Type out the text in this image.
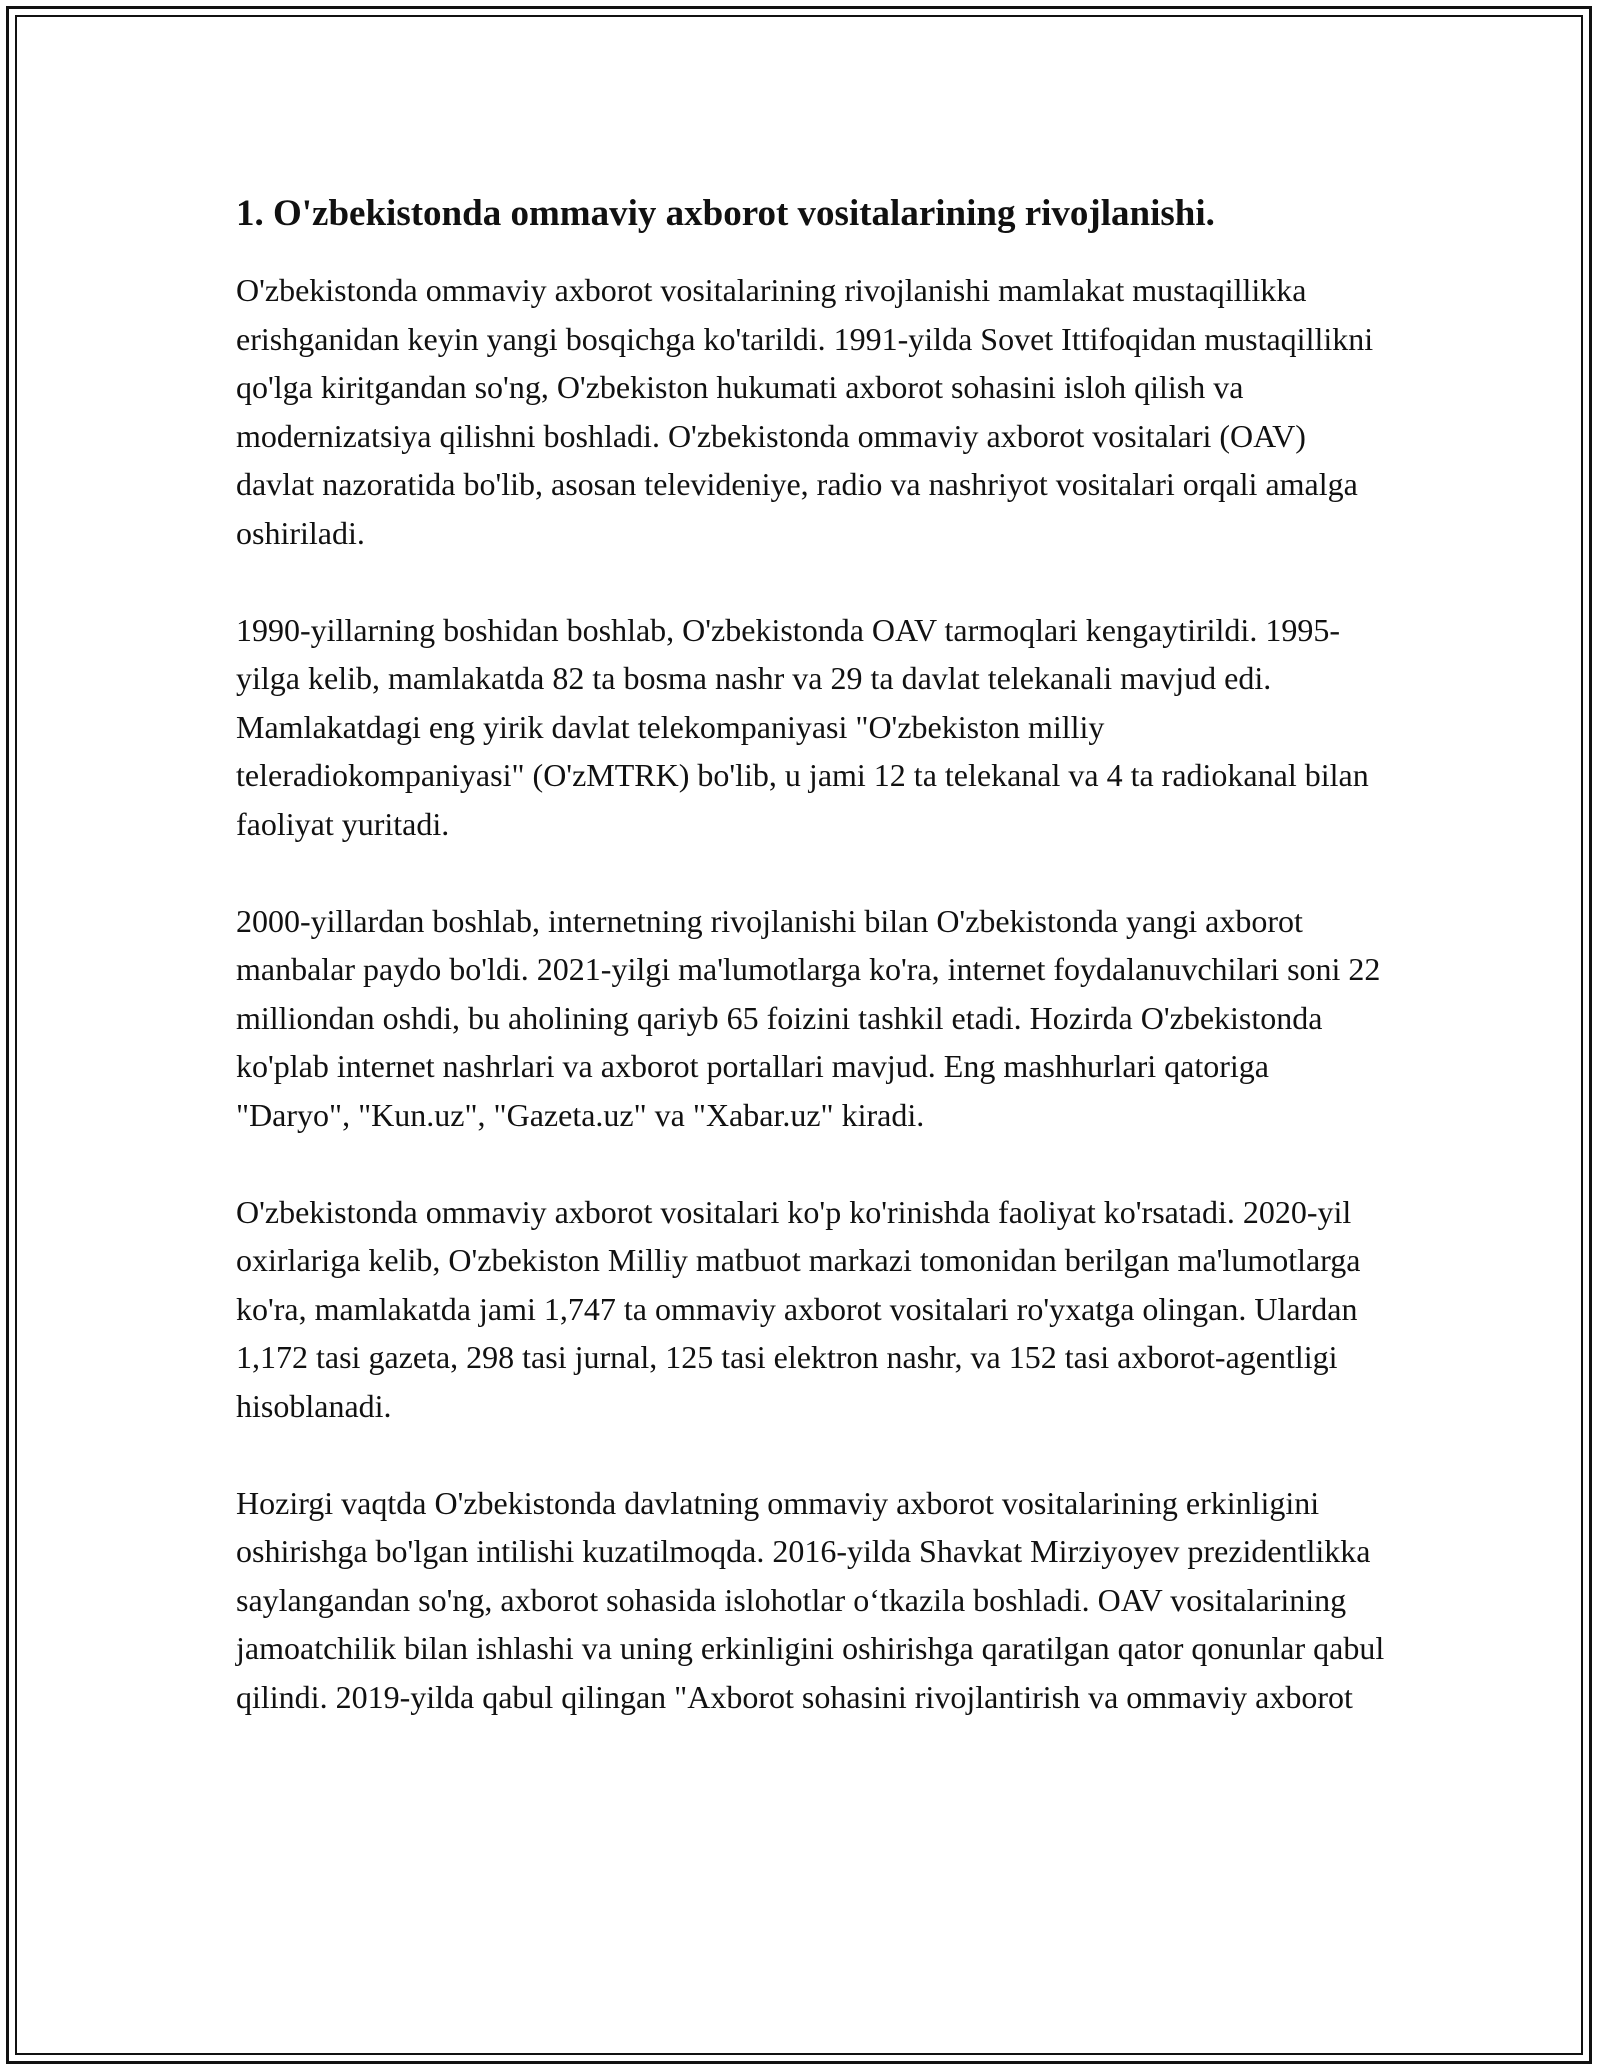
1. O'zbekistonda ommaviy axborot vositalarining rivojlanishi.

O'zbekistonda ommaviy axborot vositalarining rivojlanishi mamlakat mustaqillikka erishganidan keyin yangi bosqichga ko'tarildi. 1991-yilda Sovet Ittifoqidan mustaqillikni qo'lga kiritgandan so'ng, O'zbekiston hukumati axborot sohasini isloh qilish va modernizatsiya qilishni boshladi. O'zbekistonda ommaviy axborot vositalari (OAV) davlat nazoratida bo'lib, asosan televideniye, radio va nashriyot vositalari orqali amalga oshiriladi.

1990-yillarning boshidan boshlab, O'zbekistonda OAV tarmoqlari kengaytirildi. 1995-yilga kelib, mamlakatda 82 ta bosma nashr va 29 ta davlat telekanali mavjud edi. Mamlakatdagi eng yirik davlat telekompaniyasi "O'zbekiston milliy teleradiokompaniyasi" (O'zMTRK) bo'lib, u jami 12 ta telekanal va 4 ta radiokanal bilan faoliyat yuritadi.

2000-yillardan boshlab, internetning rivojlanishi bilan O'zbekistonda yangi axborot manbalar paydo bo'ldi. 2021-yilgi ma'lumotlarga ko'ra, internet foydalanuvchilari soni 22 milliondan oshdi, bu aholining qariyb 65 foizini tashkil etadi. Hozirda O'zbekistonda ko'plab internet nashrlari va axborot portallari mavjud. Eng mashhurlari qatoriga "Daryo", "Kun.uz", "Gazeta.uz" va "Xabar.uz" kiradi.

O'zbekistonda ommaviy axborot vositalari ko'p ko'rinishda faoliyat ko'rsatadi. 2020-yil oxirlariga kelib, O'zbekiston Milliy matbuot markazi tomonidan berilgan ma'lumotlarga ko'ra, mamlakatda jami 1,747 ta ommaviy axborot vositalari ro'yxatga olingan. Ulardan 1,172 tasi gazeta, 298 tasi jurnal, 125 tasi elektron nashr, va 152 tasi axborot-agentligi hisoblanadi.

Hozirgi vaqtda O'zbekistonda davlatning ommaviy axborot vositalarining erkinligini oshirishga bo'lgan intilishi kuzatilmoqda. 2016-yilda Shavkat Mirziyoyev prezidentlikka saylangandan so'ng, axborot sohasida islohotlar o‘tkazila boshladi. OAV vositalarining jamoatchilik bilan ishlashi va uning erkinligini oshirishga qaratilgan qator qonunlar qabul qilindi. 2019-yilda qabul qilingan "Axborot sohasini rivojlantirish va ommaviy axborot
